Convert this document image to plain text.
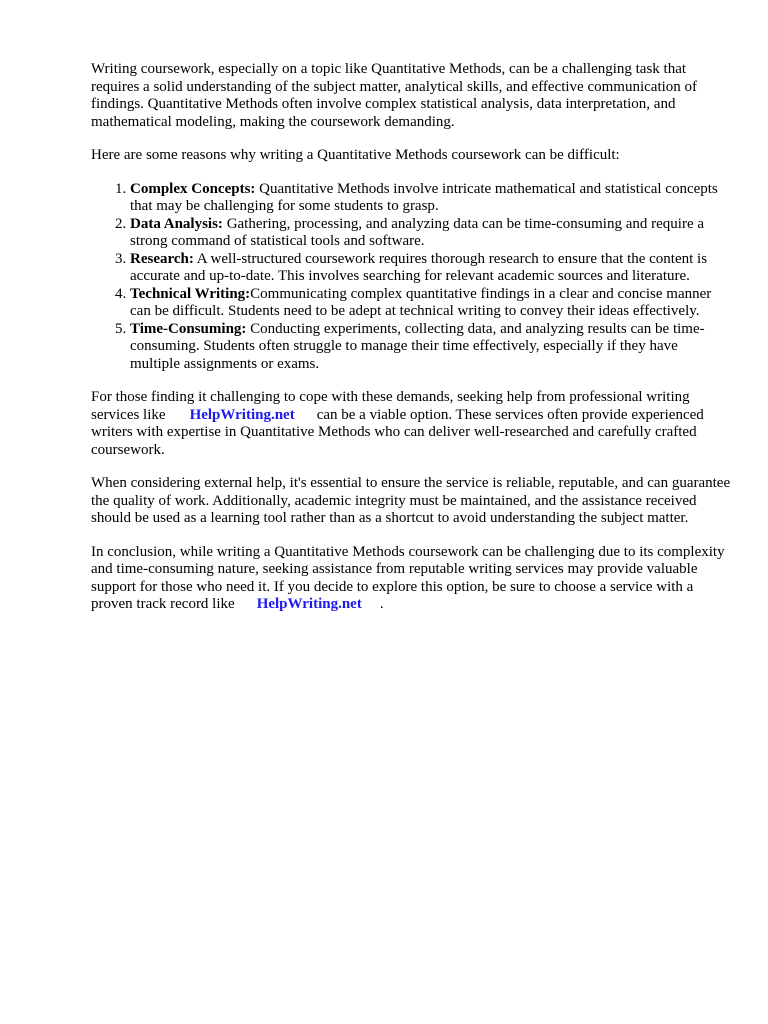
Writing coursework, especially on a topic like Quantitative Methods, can be a challenging task that requires a solid understanding of the subject matter, analytical skills, and effective communication of findings. Quantitative Methods often involve complex statistical analysis, data interpretation, and mathematical modeling, making the coursework demanding.

Here are some reasons why writing a Quantitative Methods coursework can be difficult:

1. Complex Concepts: Quantitative Methods involve intricate mathematical and statistical concepts that may be challenging for some students to grasp.
2. Data Analysis: Gathering, processing, and analyzing data can be time-consuming and require a strong command of statistical tools and software.
3. Research: A well-structured coursework requires thorough research to ensure that the content is accurate and up-to-date. This involves searching for relevant academic sources and literature.
4. Technical Writing:Communicating complex quantitative findings in a clear and concise manner can be difficult. Students need to be adept at technical writing to convey their ideas effectively.
5. Time-Consuming: Conducting experiments, collecting data, and analyzing results can be time-consuming. Students often struggle to manage their time effectively, especially if they have multiple assignments or exams.

For those finding it challenging to cope with these demands, seeking help from professional writing services like HelpWriting.net can be a viable option. These services often provide experienced writers with expertise in Quantitative Methods who can deliver well-researched and carefully crafted coursework.

When considering external help, it's essential to ensure the service is reliable, reputable, and can guarantee the quality of work. Additionally, academic integrity must be maintained, and the assistance received should be used as a learning tool rather than as a shortcut to avoid understanding the subject matter.

In conclusion, while writing a Quantitative Methods coursework can be challenging due to its complexity and time-consuming nature, seeking assistance from reputable writing services may provide valuable support for those who need it. If you decide to explore this option, be sure to choose a service with a proven track record like HelpWriting.net .
